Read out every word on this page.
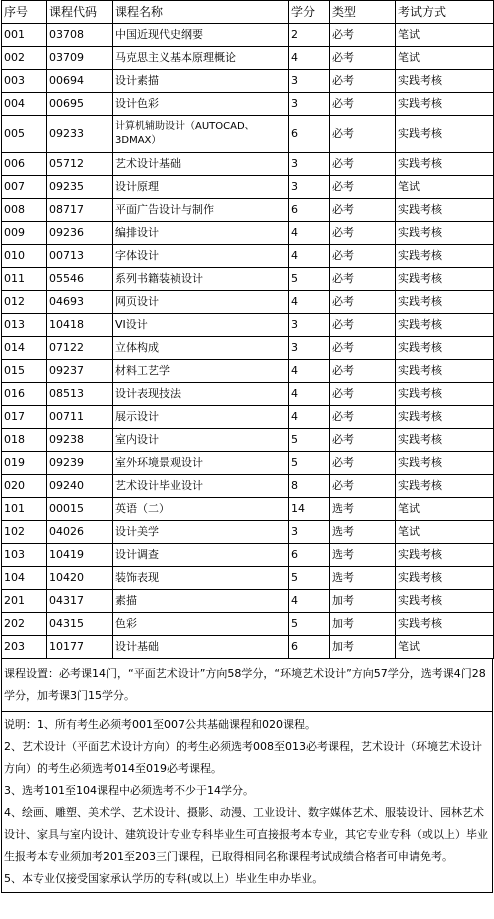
序号	课程代码	课程名称	学分	类型	考试方式
001	03708	中国近现代史纲要	2	必考	笔试
002	03709	马克思主义基本原理概论	4	必考	笔试
003	00694	设计素描	3	必考	实践考核
004	00695	设计色彩	3	必考	实践考核
005	09233	计算机辅助设计（AUTOCAD、3DMAX）	6	必考	实践考核
006	05712	艺术设计基础	3	必考	实践考核
007	09235	设计原理	3	必考	笔试
008	08717	平面广告设计与制作	6	必考	实践考核
009	09236	编排设计	4	必考	实践考核
010	00713	字体设计	4	必考	实践考核
011	05546	系列书籍装祯设计	5	必考	实践考核
012	04693	网页设计	4	必考	实践考核
013	10418	VI设计	3	必考	实践考核
014	07122	立体构成	3	必考	实践考核
015	09237	材料工艺学	4	必考	实践考核
016	08513	设计表现技法	4	必考	实践考核
017	00711	展示设计	4	必考	实践考核
018	09238	室内设计	5	必考	实践考核
019	09239	室外环境景观设计	5	必考	实践考核
020	09240	艺术设计毕业设计	8	必考	实践考核
101	00015	英语（二）	14	选考	笔试
102	04026	设计美学	3	选考	笔试
103	10419	设计调查	6	选考	实践考核
104	10420	装饰表现	5	选考	实践考核
201	04317	素描	4	加考	实践考核
202	04315	色彩	5	加考	实践考核
203	10177	设计基础	6	加考	笔试
课程设置：必考课14门，“平面艺术设计”方向58学分，“环境艺术设计”方向57学分，选考课4门28学分，加考课3门15学分。
说明：1、所有考生必须考001至007公共基础课程和020课程。
2、艺术设计（平面艺术设计方向）的考生必须选考008至013必考课程，艺术设计（环境艺术设计方向）的考生必须选考014至019必考课程。
3、选考101至104课程中必须选考不少于14学分。
4、绘画、雕塑、美术学、艺术设计、摄影、动漫、工业设计、数字媒体艺术、服装设计、园林艺术设计、家具与室内设计、建筑设计专业专科毕业生可直接报考本专业，其它专业专科（或以上）毕业生报考本专业须加考201至203三门课程，已取得相同名称课程考试成绩合格者可申请免考。
5、本专业仅接受国家承认学历的专科(或以上）毕业生申办毕业。
